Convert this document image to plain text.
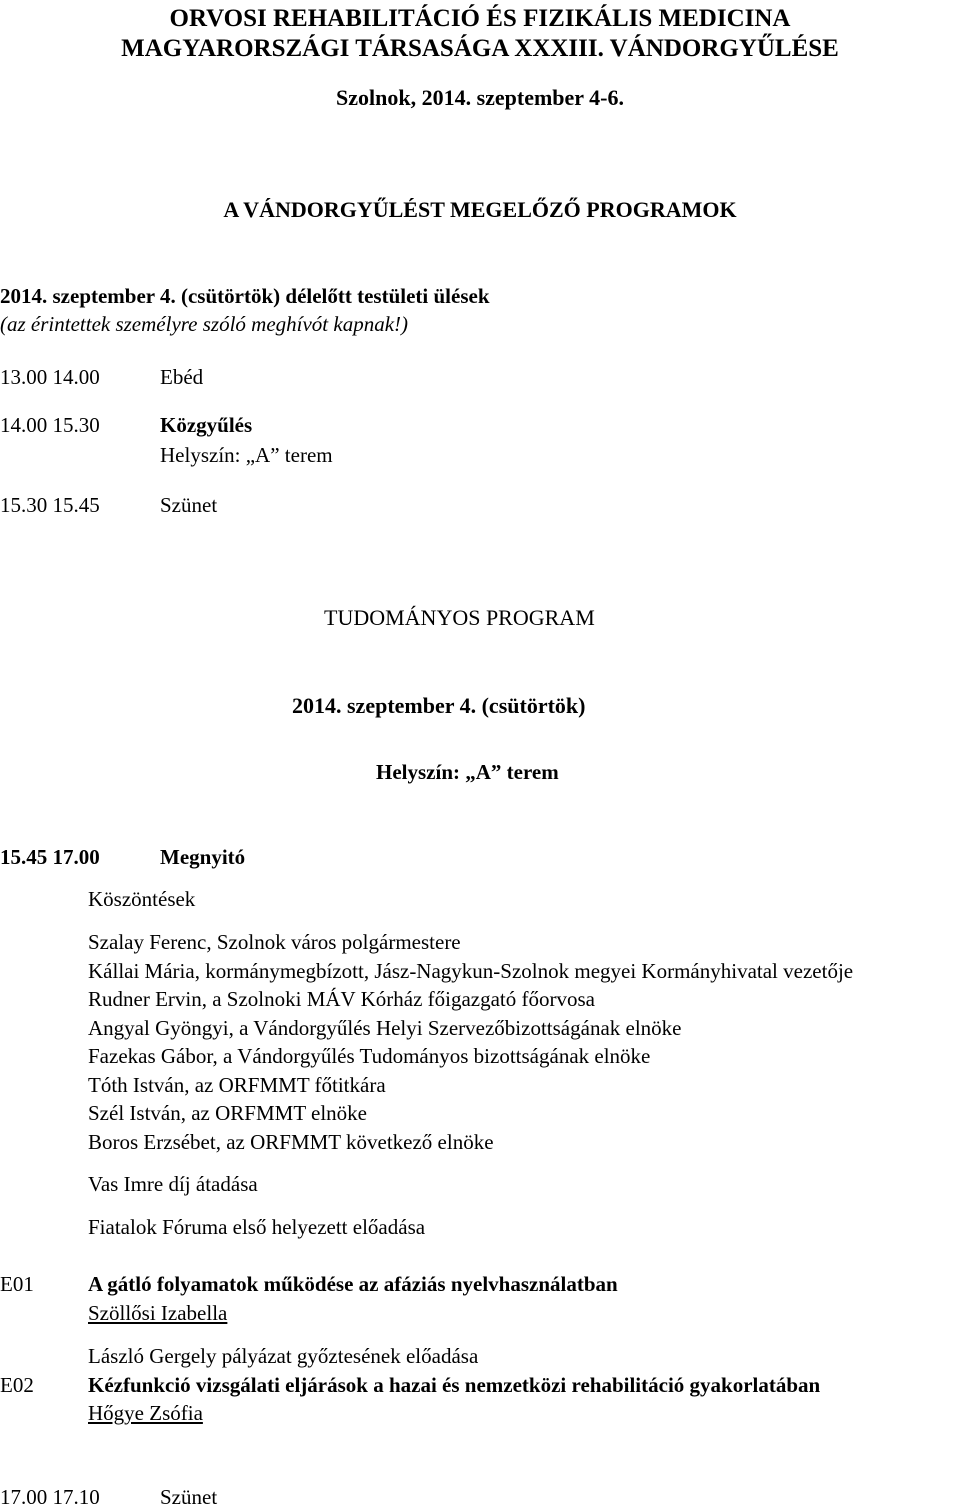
ORVOSI REHABILITÁCIÓ ÉS FIZIKÁLIS MEDICINA
MAGYARORSZÁGI TÁRSASÁGA XXXIII. VÁNDORGYŰLÉSE
Szolnok, 2014. szeptember 4-6.
A VÁNDORGYŰLÉST MEGELŐZŐ PROGRAMOK
2014. szeptember 4. (csütörtök) délelőtt testületi ülések
(az érintettek személyre szóló meghívót kapnak!)
13.00 14.00	Ebéd
14.00 15.30	Közgyűlés
Helyszín: „A” terem
15.30 15.45	Szünet
TUDOMÁNYOS PROGRAM
2014. szeptember 4. (csütörtök)
Helyszín: „A” terem
15.45 17.00	Megnyitó
Köszöntések
Szalay Ferenc, Szolnok város polgármestere
Kállai Mária, kormánymegbízott, Jász-Nagykun-Szolnok megyei Kormányhivatal vezetője
Rudner Ervin, a Szolnoki MÁV Kórház főigazgató főorvosa
Angyal Gyöngyi, a Vándorgyűlés Helyi Szervezőbizottságának elnöke
Fazekas Gábor, a Vándorgyűlés Tudományos bizottságának elnöke
Tóth István, az ORFMMT főtitkára
Szél István, az ORFMMT elnöke
Boros Erzsébet, az ORFMMT következő elnöke
Vas Imre díj átadása
Fiatalok Fóruma első helyezett előadása
E01	A gátló folyamatok működése az afáziás nyelvhasználatban
Szöllősi Izabella
László Gergely pályázat győztesének előadása
E02	Kézfunkció vizsgálati eljárások a hazai és nemzetközi rehabilitáció gyakorlatában
Hőgye Zsófia
17.00 17.10	Szünet
